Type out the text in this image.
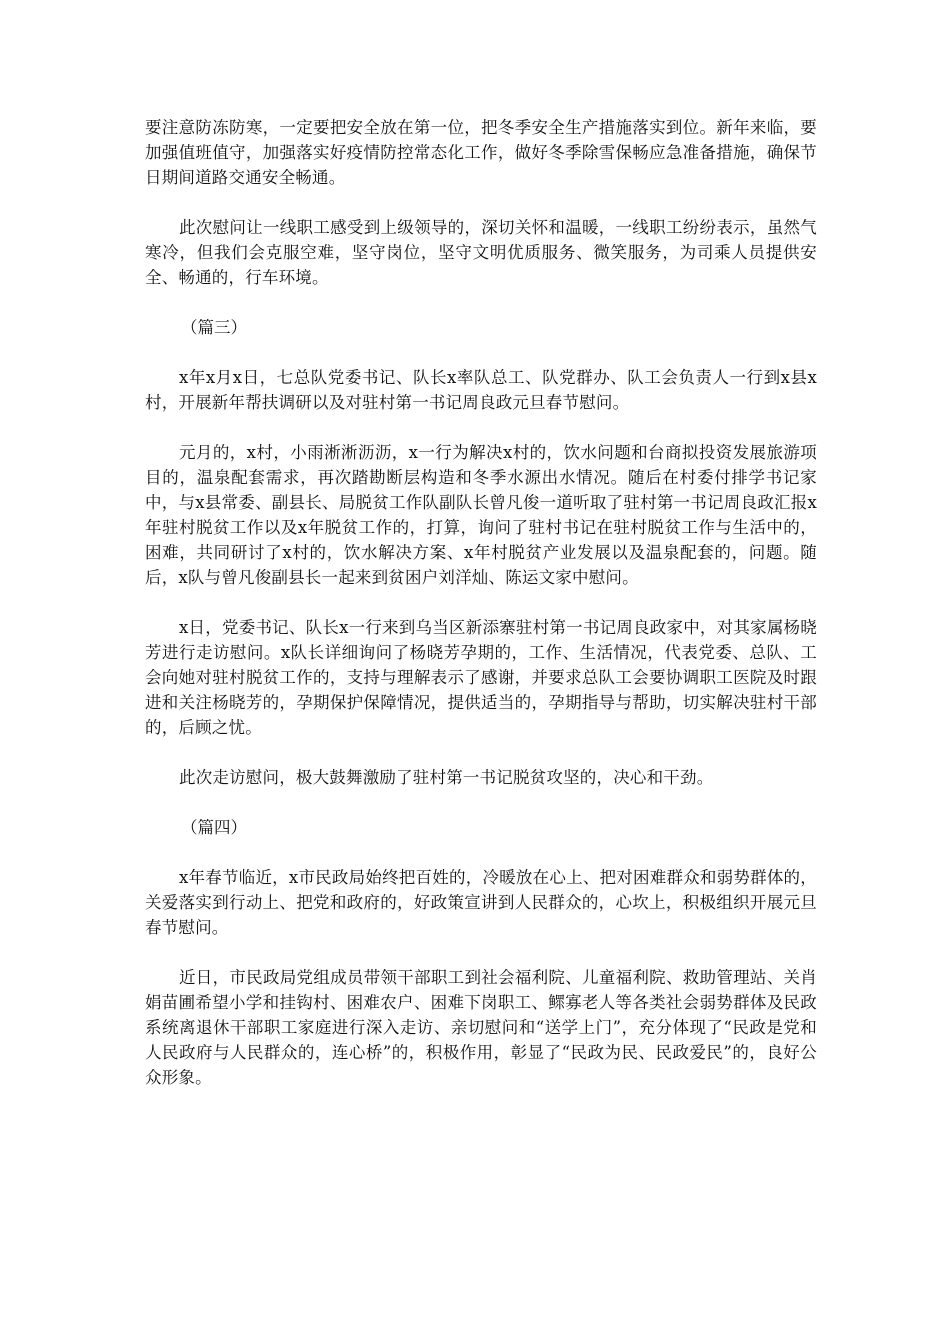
要注意防冻防寒，一定要把安全放在第一位，把冬季安全生产措施落实到位。新年来临，要加强值班值守，加强落实好疫情防控常态化工作，做好冬季除雪保畅应急准备措施，确保节日期间道路交通安全畅通。

此次慰问让一线职工感受到上级领导的，深切关怀和温暖，一线职工纷纷表示，虽然气寒冷，但我们会克服空难，坚守岗位，坚守文明优质服务、微笑服务，为司乘人员提供安全、畅通的，行车环境。

（篇三）

x年x月x日，七总队党委书记、队长x率队总工、队党群办、队工会负责人一行到x县x村，开展新年帮扶调研以及对驻村第一书记周良政元旦春节慰问。

元月的，x村，小雨淅淅沥沥，x一行为解决x村的，饮水问题和台商拟投资发展旅游项目的，温泉配套需求，再次踏勘断层构造和冬季水源出水情况。随后在村委付排学书记家中，与x县常委、副县长、局脱贫工作队副队长曾凡俊一道听取了驻村第一书记周良政汇报x年驻村脱贫工作以及x年脱贫工作的，打算，询问了驻村书记在驻村脱贫工作与生活中的，困难，共同研讨了x村的，饮水解决方案、x年村脱贫产业发展以及温泉配套的，问题。随后，x队与曾凡俊副县长一起来到贫困户刘洋灿、陈运文家中慰问。

x日，党委书记、队长x一行来到乌当区新添寨驻村第一书记周良政家中，对其家属杨晓芳进行走访慰问。x队长详细询问了杨晓芳孕期的，工作、生活情况，代表党委、总队、工会向她对驻村脱贫工作的，支持与理解表示了感谢，并要求总队工会要协调职工医院及时跟进和关注杨晓芳的，孕期保护保障情况，提供适当的，孕期指导与帮助，切实解决驻村干部的，后顾之忧。

此次走访慰问，极大鼓舞激励了驻村第一书记脱贫攻坚的，决心和干劲。

（篇四）

x年春节临近，x市民政局始终把百姓的，冷暖放在心上、把对困难群众和弱势群体的，关爱落实到行动上、把党和政府的，好政策宣讲到人民群众的，心坎上，积极组织开展元旦春节慰问。

近日，市民政局党组成员带领干部职工到社会福利院、儿童福利院、救助管理站、关肖娟苗圃希望小学和挂钩村、困难农户、困难下岗职工、鳏寡老人等各类社会弱势群体及民政系统离退休干部职工家庭进行深入走访、亲切慰问和“送学上门”，充分体现了“民政是党和人民政府与人民群众的，连心桥”的，积极作用，彰显了“民政为民、民政爱民”的，良好公众形象。
